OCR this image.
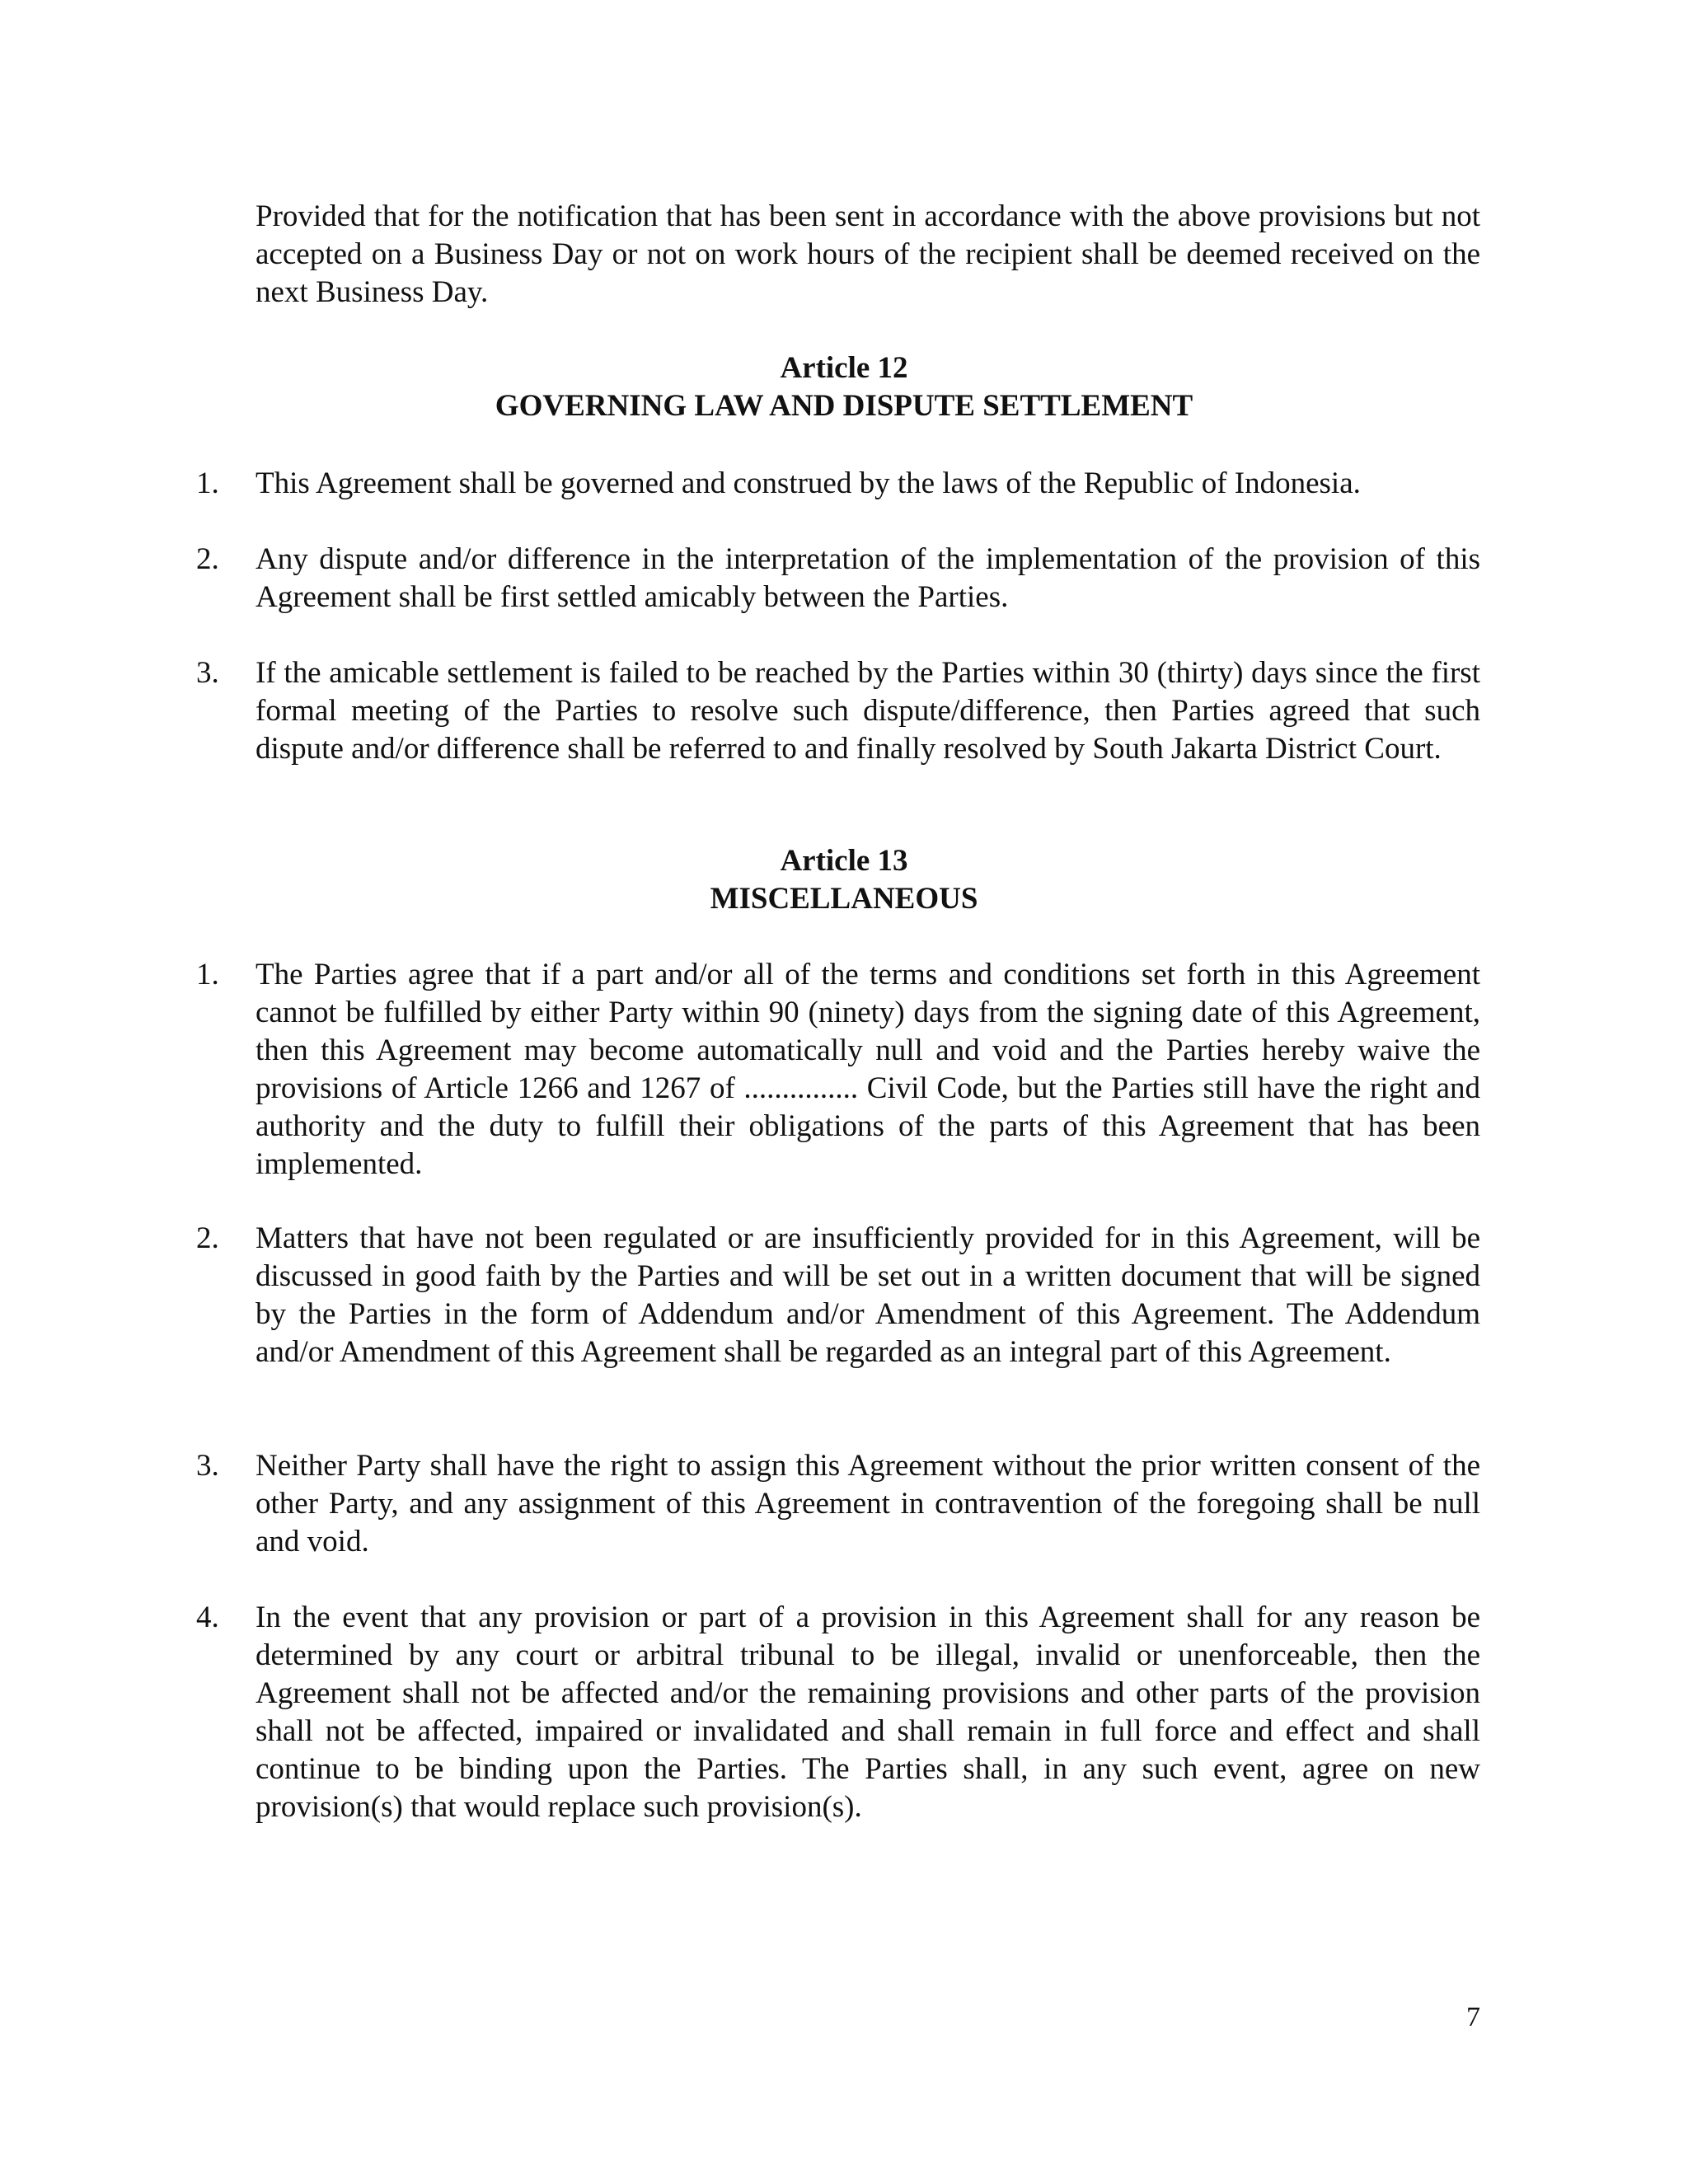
Provided that for the notification that has been sent in accordance with the above provisions but not accepted on a Business Day or not on work hours of the recipient shall be deemed received on the next Business Day.
Article 12
GOVERNING LAW AND DISPUTE SETTLEMENT
1.	This Agreement shall be governed and construed by the laws of the Republic of Indonesia.
2.	Any dispute and/or difference in the interpretation of the implementation of the provision of this Agreement shall be first settled amicably between the Parties.
3.	If the amicable settlement is failed to be reached by the Parties within 30 (thirty) days since the first formal meeting of the Parties to resolve such dispute/difference, then Parties agreed that such dispute and/or difference shall be referred to and finally resolved by South Jakarta District Court.
Article 13
MISCELLANEOUS
1.	The Parties agree that if a part and/or all of the terms and conditions set forth in this Agreement cannot be fulfilled by either Party within 90 (ninety) days from the signing date of this Agreement, then this Agreement may become automatically null and void and the Parties hereby waive the provisions of Article 1266 and 1267 of ............... Civil Code, but the Parties still have the right and authority and the duty to fulfill their obligations of the parts of this Agreement that has been implemented.
2.	Matters that have not been regulated or are insufficiently provided for in this Agreement, will be discussed in good faith by the Parties and will be set out in a written document that will be signed by the Parties in the form of Addendum and/or Amendment of this Agreement. The Addendum and/or Amendment of this Agreement shall be regarded as an integral part of this Agreement.
3.	Neither Party shall have the right to assign this Agreement without the prior written consent of the other Party, and any assignment of this Agreement in contravention of the foregoing shall be null and void.
4.	In the event that any provision or part of a provision in this Agreement shall for any reason be determined by any court or arbitral tribunal to be illegal, invalid or unenforceable, then the Agreement shall not be affected and/or the remaining provisions and other parts of the provision shall not be affected, impaired or invalidated and shall remain in full force and effect and shall continue to be binding upon the Parties. The Parties shall, in any such event, agree on new provision(s) that would replace such provision(s).
7
